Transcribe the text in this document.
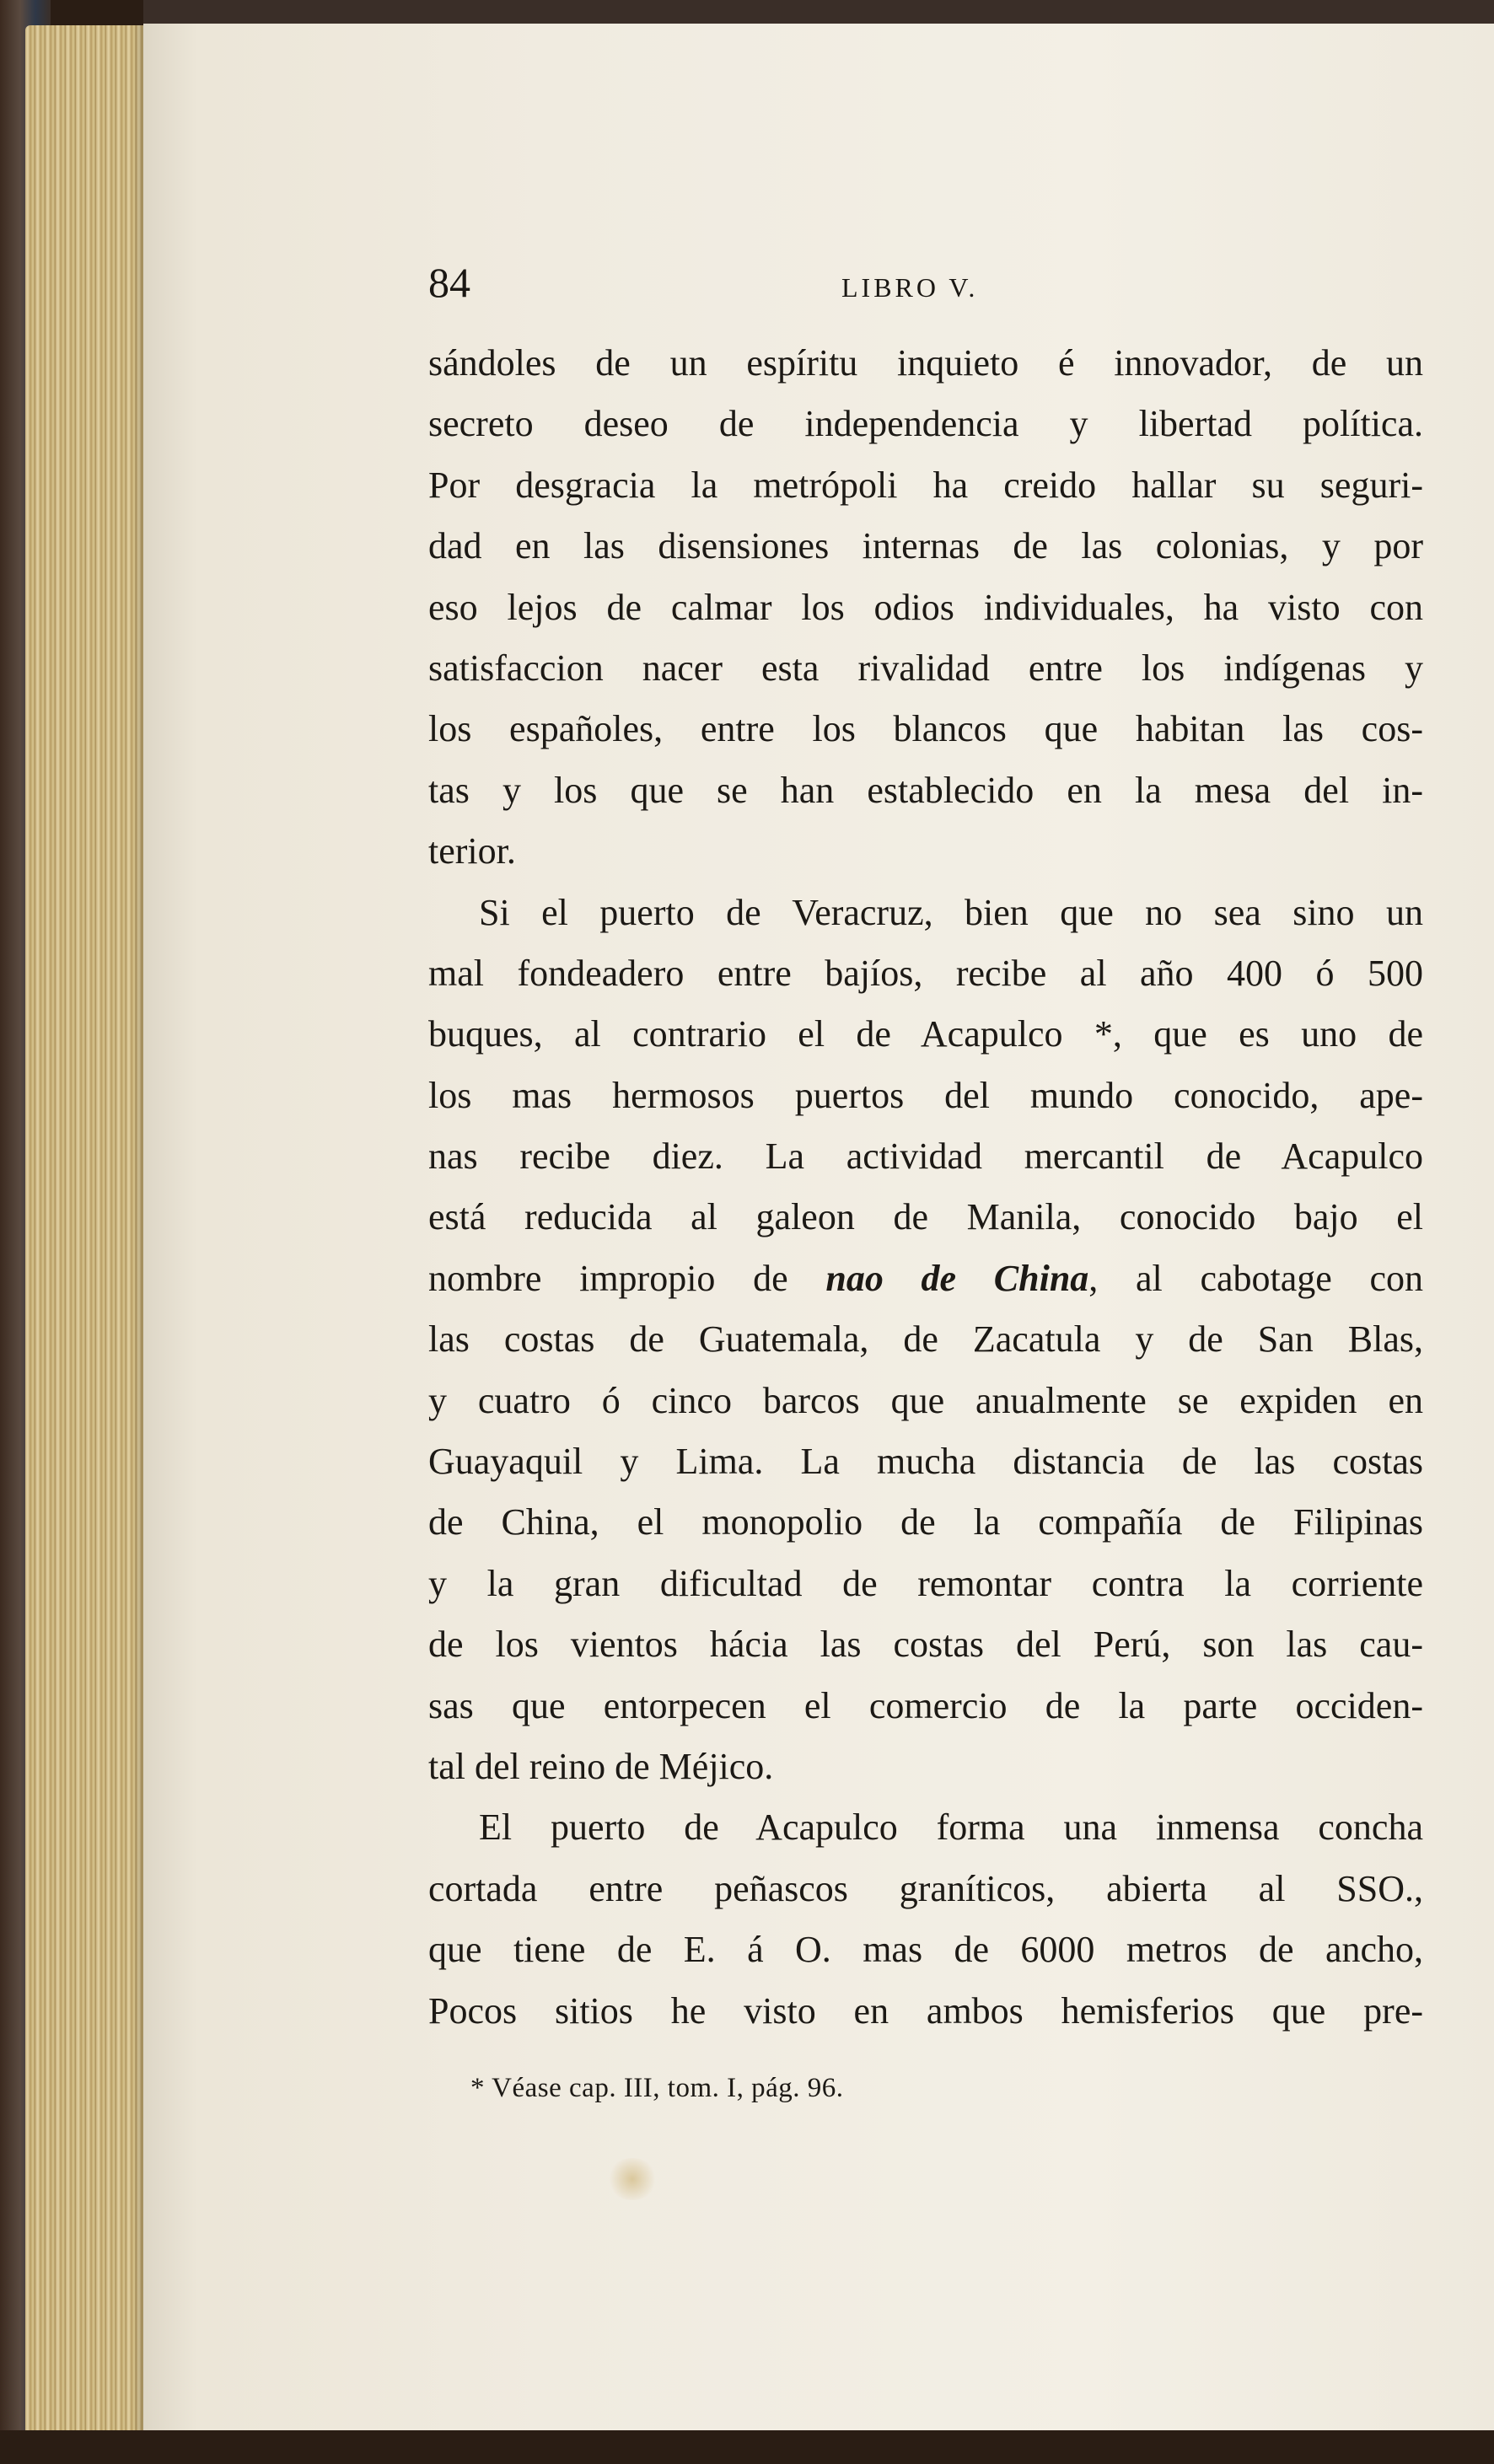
84	LIBRO V.
sándoles de un espíritu inquieto é innovador, de un
secreto deseo de independencia y libertad política.
Por desgracia la metrópoli ha creido hallar su seguri-
dad en las disensiones internas de las colonias, y por
eso lejos de calmar los odios individuales, ha visto con
satisfaccion nacer esta rivalidad entre los indígenas y
los españoles, entre los blancos que habitan las cos-
tas y los que se han establecido en la mesa del in-
terior.
Si el puerto de Veracruz, bien que no sea sino un
mal fondeadero entre bajíos, recibe al año 400 ó 500
buques, al contrario el de Acapulco *, que es uno de
los mas hermosos puertos del mundo conocido, ape-
nas recibe diez. La actividad mercantil de Acapulco
está reducida al galeon de Manila, conocido bajo el
nombre impropio de nao de China, al cabotage con
las costas de Guatemala, de Zacatula y de San Blas,
y cuatro ó cinco barcos que anualmente se expiden en
Guayaquil y Lima. La mucha distancia de las costas
de China, el monopolio de la compañía de Filipinas
y la gran dificultad de remontar contra la corriente
de los vientos hácia las costas del Perú, son las cau-
sas que entorpecen el comercio de la parte occiden-
tal del reino de Méjico.
El puerto de Acapulco forma una inmensa concha
cortada entre peñascos graníticos, abierta al SSO.,
que tiene de E. á O. mas de 6000 metros de ancho,
Pocos sitios he visto en ambos hemisferios que pre-
* Véase cap. III, tom. I, pág. 96.
